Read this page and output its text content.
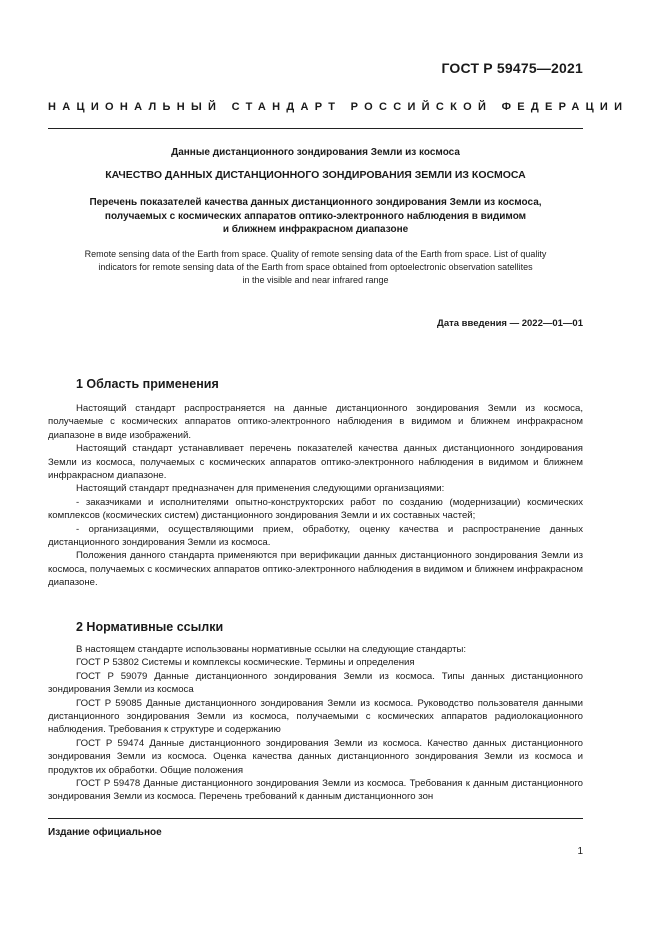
ГОСТ Р 59475—2021
НАЦИОНАЛЬНЫЙ СТАНДАРТ РОССИЙСКОЙ ФЕДЕРАЦИИ
Данные дистанционного зондирования Земли из космоса
КАЧЕСТВО ДАННЫХ ДИСТАНЦИОННОГО ЗОНДИРОВАНИЯ ЗЕМЛИ ИЗ КОСМОСА
Перечень показателей качества данных дистанционного зондирования Земли из космоса,
получаемых с космических аппаратов оптико-электронного наблюдения в видимом
и ближнем инфракрасном диапазоне
Remote sensing data of the Earth from space. Quality of remote sensing data of the Earth from space. List of quality
indicators for remote sensing data of the Earth from space obtained from optoelectronic observation satellites
in the visible and near infrared range
Дата введения — 2022—01—01
1 Область применения

Настоящий стандарт распространяется на данные дистанционного зондирования Земли из космoса, получаемые с космических аппаратов оптико-электронного наблюдения в видимом и ближнем инфракрасном диапазоне в виде изображений.

Настоящий стандарт устанавливает перечень показателей качества данных дистанционного зондирования Земли из космоса, получаемых с космических аппаратов оптико-электронного наблюдения в видимом и ближнем инфракрасном диапазоне.

Настоящий стандарт предназначен для применения следующими организациями:

- заказчиками и исполнителями опытно-конструкторских работ по созданию (модернизации) космических комплексов (космических систем) дистанционного зондирования Земли и их составных частей;

- организациями, осуществляющими прием, обработку, оценку качества и распространение данных дистанционного зондирования Земли из космоса.

Положения данного стандарта применяются при верификации данных дистанционного зондирования Земли из космоса, получаемых с космических аппаратов оптико-электронного наблюдения в видимом и ближнем инфракрасном диапазоне.

2 Нормативные ссылки

В настоящем стандарте использованы нормативные ссылки на следующие стандарты:

ГОСТ Р 53802 Системы и комплексы космические. Термины и определения

ГОСТ Р 59079 Данные дистанционного зондирования Земли из космоса. Типы данных дистанционного зондирования Земли из космоса

ГОСТ Р 59085 Данные дистанционного зондирования Земли из космоса. Руководство пользователя данными дистанционного зондирования Земли из космоса, получаемыми с космических аппаратов радиолокационного наблюдения. Требования к структуре и содержанию

ГОСТ Р 59474 Данные дистанционного зондирования Земли из космоса. Качество данных дистанционного зондирования Земли из космоса. Оценка качества данных дистанционного зондирования Земли из космоса и продуктов их обработки. Общие положения

ГОСТ Р 59478 Данные дистанционного зондирования Земли из космоса. Требования к данным дистанционного зондирования Земли из космоса. Перечень требований к данным дистанционного зон

Издание официальное
1
